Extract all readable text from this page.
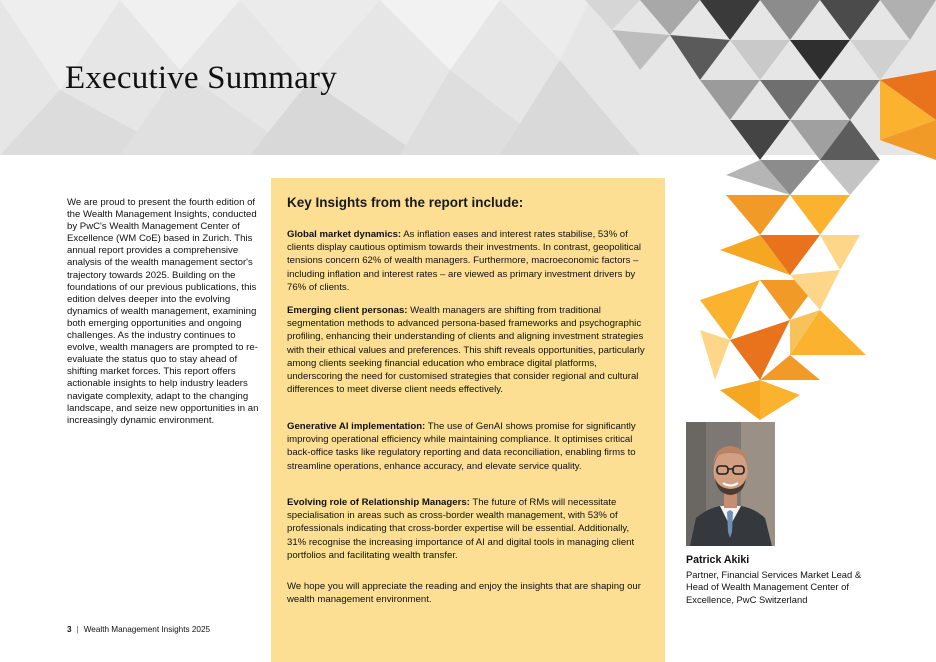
Executive Summary

We are proud to present the fourth edition of the Wealth Management Insights, conducted by PwC's Wealth Management Center of Excellence (WM CoE) based in Zurich. This annual report provides a comprehensive analysis of the wealth management sector's trajectory towards 2025. Building on the foundations of our previous publications, this edition delves deeper into the evolving dynamics of wealth management, examining both emerging opportunities and ongoing challenges. As the industry continues to evolve, wealth managers are prompted to re-evaluate the status quo to stay ahead of shifting market forces. This report offers actionable insights to help industry leaders navigate complexity, adapt to the changing landscape, and seize new opportunities in an increasingly dynamic environment.

Key Insights from the report include:

Global market dynamics: As inflation eases and interest rates stabilise, 53% of clients display cautious optimism towards their investments. In contrast, geopolitical tensions concern 62% of wealth managers. Furthermore, macroeconomic factors – including inflation and interest rates – are viewed as primary investment drivers by 76% of clients.

Emerging client personas: Wealth managers are shifting from traditional segmentation methods to advanced persona-based frameworks and psychographic profiling, enhancing their understanding of clients and aligning investment strategies with their ethical values and preferences. This shift reveals opportunities, particularly among clients seeking financial education who embrace digital platforms, underscoring the need for customised strategies that consider regional and cultural differences to meet diverse client needs effectively.

Generative AI implementation: The use of GenAI shows promise for significantly improving operational efficiency while maintaining compliance. It optimises critical back-office tasks like regulatory reporting and data reconciliation, enabling firms to streamline operations, enhance accuracy, and elevate service quality.

Evolving role of Relationship Managers: The future of RMs will necessitate specialisation in areas such as cross-border wealth management, with 53% of professionals indicating that cross-border expertise will be essential. Additionally, 31% recognise the increasing importance of AI and digital tools in managing client portfolios and facilitating wealth transfer.

We hope you will appreciate the reading and enjoy the insights that are shaping our wealth management environment.

Patrick Akiki

Partner, Financial Services Market Lead & Head of Wealth Management Center of Excellence, PwC Switzerland

3 | Wealth Management Insights 2025
